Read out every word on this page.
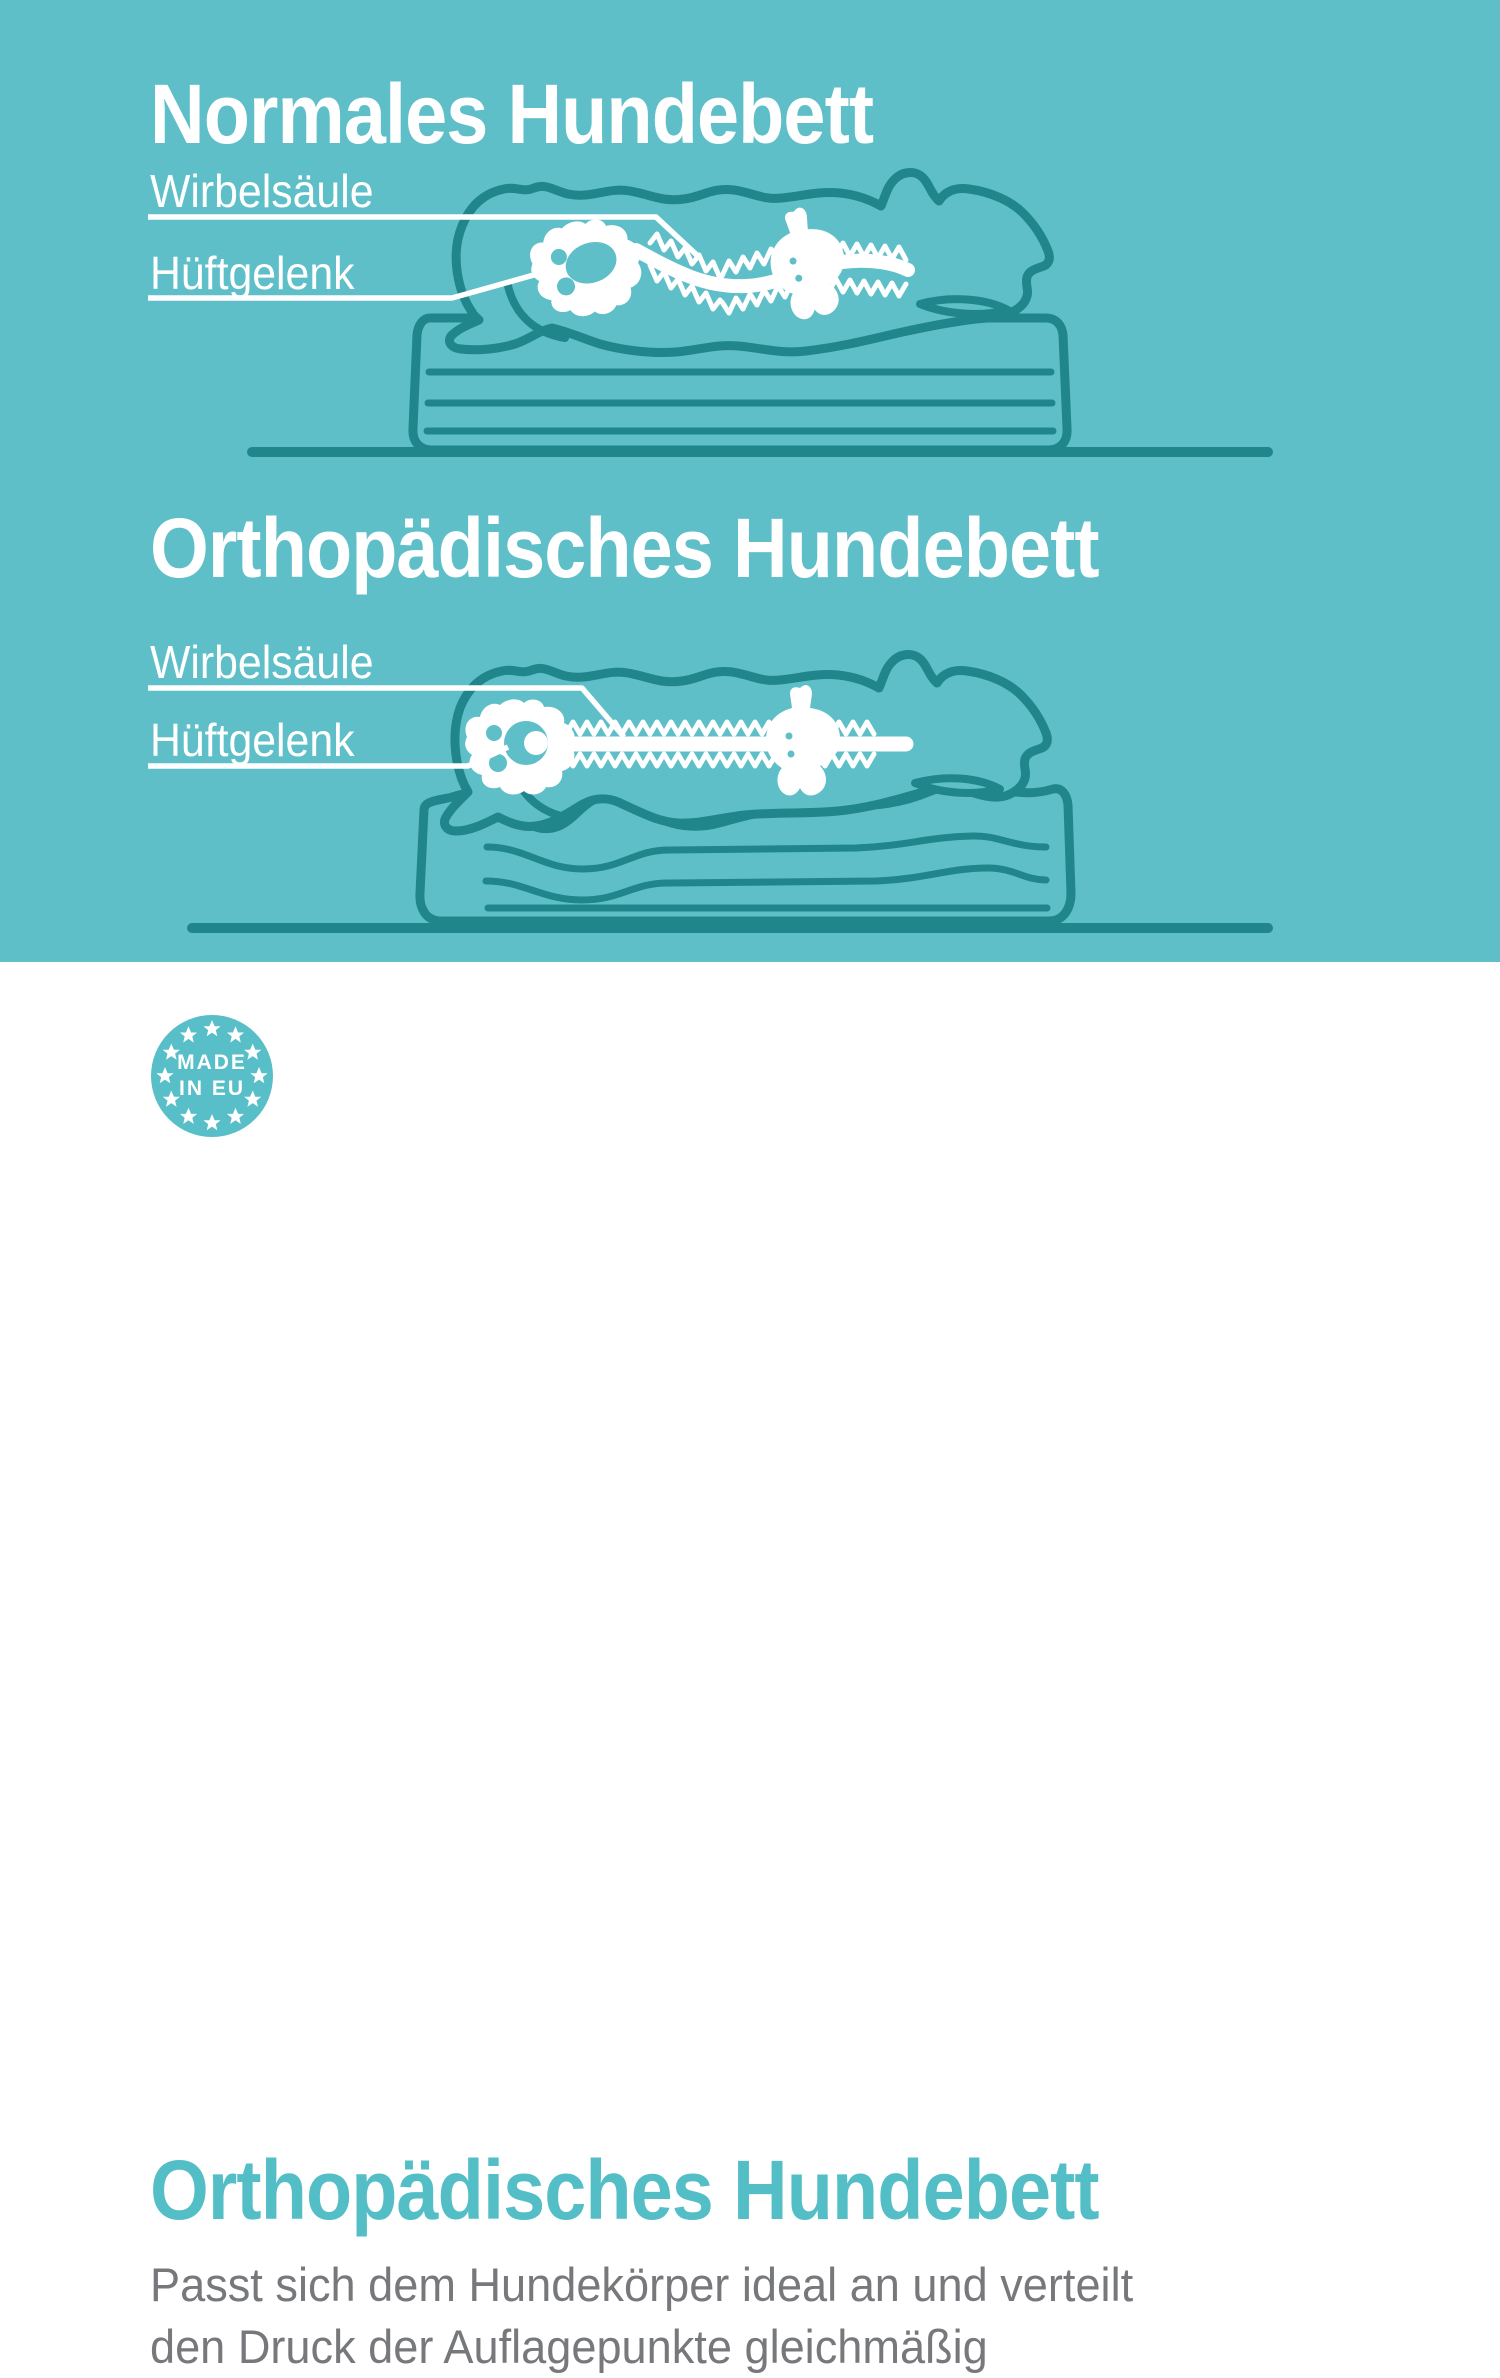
Normales Hundebett
Wirbelsäule
Hüftgelenk
Orthopädisches Hundebett
Wirbelsäule
Hüftgelenk
MADE
IN EU
Orthopädisches Hundebett
Passt sich dem Hundekörper ideal an und verteilt
den Druck der Auflagepunkte gleichmäßig
